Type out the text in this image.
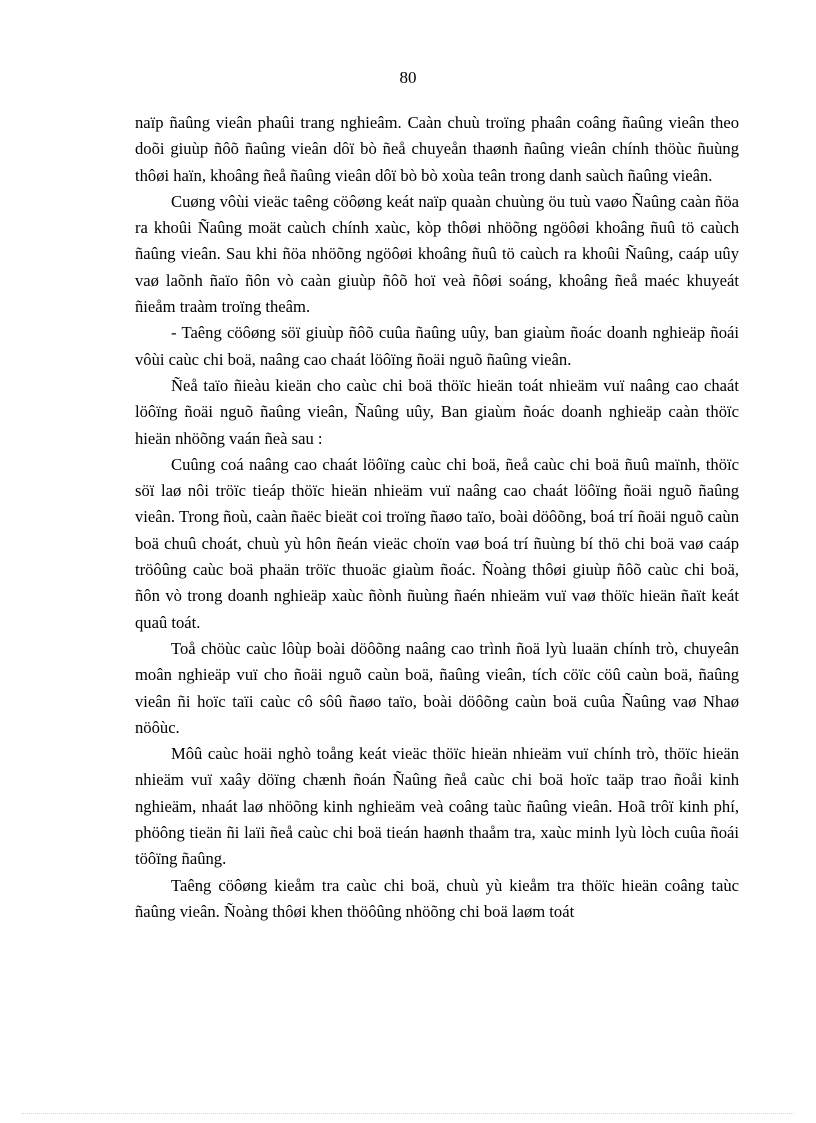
80

naïp ñaûng vieân phaûi trang nghieâm. Caàn chuù troïng phaân coâng ñaûng vieân theo doõi giuùp ñôõ ñaûng vieân dôï bò ñeå chuyeån thaønh ñaûng vieân chính thöùc ñuùng thôøi haïn, khoâng ñeå ñaûng vieân dôï bò bò xoùa teân trong danh saùch ñaûng vieân.

Cuøng vôùi vieäc taêng cöôøng keát naïp quaàn chuùng öu tuù vaøo Ñaûng caàn ñöa ra khoûi Ñaûng moät caùch chính xaùc, kòp thôøi nhöõng ngöôøi khoâng ñuû tö caùch ñaûng vieân. Sau khi ñöa nhöõng ngöôøi khoâng ñuû tö caùch ra khoûi Ñaûng, caáp uûy vaø laõnh ñaïo ñôn vò caàn giuùp ñôõ hoï veà ñôøi soáng, khoâng ñeå maéc khuyeát ñieåm traàm troïng theâm.

- Taêng cöôøng söï giuùp ñôõ cuûa ñaûng uûy, ban giaùm ñoác doanh nghieäp ñoái vôùi caùc chi boä, naâng cao chaát löôïng ñoäi nguõ ñaûng vieân.

Ñeå taïo ñieàu kieän cho caùc chi boä thöïc hieän toát nhieäm vuï naâng cao chaát löôïng ñoäi nguõ ñaûng vieân, Ñaûng uûy, Ban giaùm ñoác doanh nghieäp caàn thöïc hieän nhöõng vaán ñeà sau :

Cuûng coá naâng cao chaát löôïng caùc chi boä, ñeå caùc chi boä ñuû maïnh, thöïc söï laø nôi tröïc tieáp thöïc hieän nhieäm vuï naâng cao chaát löôïng ñoäi nguõ ñaûng vieân. Trong ñoù, caàn ñaëc bieät coi troïng ñaøo taïo, boài döôõng, boá trí ñoäi nguõ caùn boä chuû choát, chuù yù hôn ñeán vieäc choïn vaø boá trí ñuùng bí thö chi boä vaø caáp tröôûng caùc boä phaän tröïc thuoäc giaùm ñoác. Ñoàng thôøi giuùp ñôõ caùc chi boä, ñôn vò trong doanh nghieäp xaùc ñònh ñuùng ñaén nhieäm vuï vaø thöïc hieän ñaït keát quaû toát.

Toå chöùc caùc lôùp boài döôõng naâng cao trình ñoä lyù luaän chính trò, chuyeân moân nghieäp vuï cho ñoäi nguõ caùn boä, ñaûng vieân, tích cöïc cöû caùn boä, ñaûng vieân ñi hoïc taïi caùc cô sôû ñaøo taïo, boài döôõng caùn boä cuûa Ñaûng vaø Nhaø nöôùc.

Môû caùc hoäi nghò toång keát vieäc thöïc hieän nhieäm vuï chính trò, thöïc hieän nhieäm vuï xaây döïng chænh ñoán Ñaûng ñeå caùc chi boä hoïc taäp trao ñoåi kinh nghieäm, nhaát laø nhöõng kinh nghieäm veà coâng taùc ñaûng vieân. Hoã trôï kinh phí, phöông tieän ñi laïi ñeå caùc chi boä tieán haønh thaåm tra, xaùc minh lyù lòch cuûa ñoái töôïng ñaûng.

Taêng cöôøng kieåm tra caùc chi boä, chuù yù kieåm tra thöïc hieän coâng taùc ñaûng vieân. Ñoàng thôøi khen thöôûng nhöõng chi boä laøm toát
